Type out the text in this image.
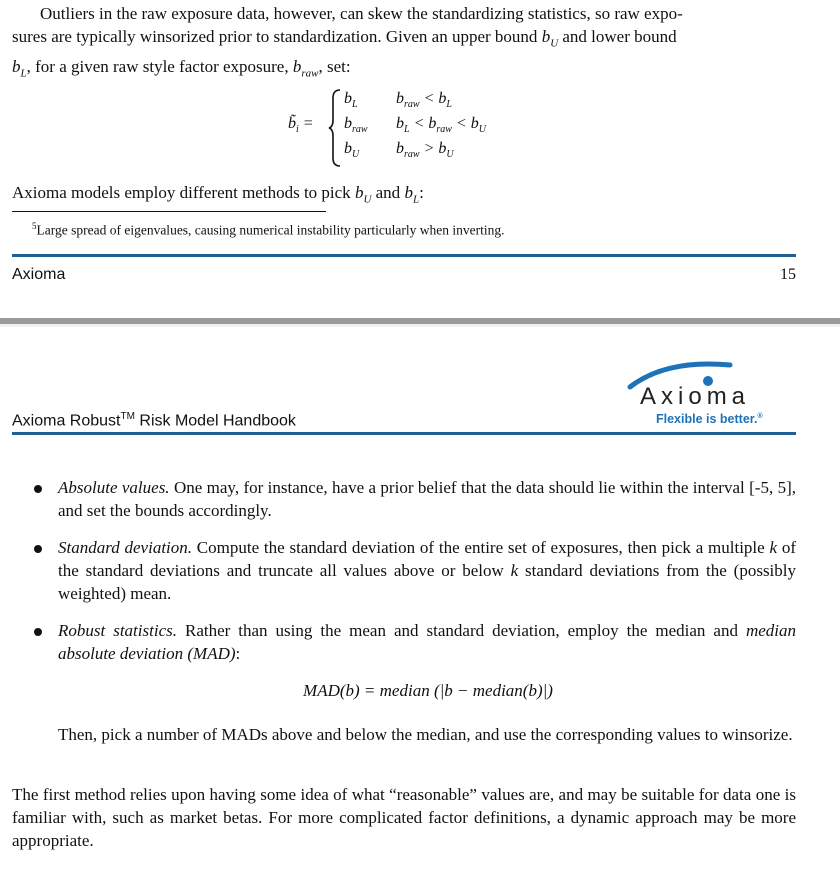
Outliers in the raw exposure data, however, can skew the standardizing statistics, so raw expo-
sures are typically winsorized prior to standardization. Given an upper bound $b_U$ and lower bound
$b_L$, for a given raw style factor exposure, $b_{raw}$, set:
$b̃_i$ =
$b_L$ $b_{raw} < b_L$
$b_{raw}$ $b_L < b_{raw} < b_U$
$b_U$ $b_{raw} > b_U$
Axioma models employ different methods to pick $b_U$ and $b_L$:
$^5$Large spread of eigenvalues, causing numerical instability particularly when inverting.
Axioma	15
Axioma
Flexible is better.®
Axioma Robust™ Risk Model Handbook
Absolute values. One may, for instance, have a prior belief that the data should lie within the interval [-5, 5], and set the bounds accordingly.
Standard deviation. Compute the standard deviation of the entire set of exposures, then pick a multiple k of the standard deviations and truncate all values above or below k standard deviations from the (possibly weighted) mean.
Robust statistics. Rather than using the mean and standard deviation, employ the median and median absolute deviation (MAD):
MAD(b) = median (|b − median(b)|)
Then, pick a number of MADs above and below the median, and use the corresponding values to winsorize.
The first method relies upon having some idea of what “reasonable” values are, and may be suitable for data one is familiar with, such as market betas. For more complicated factor definitions, a dynamic approach may be more appropriate.
